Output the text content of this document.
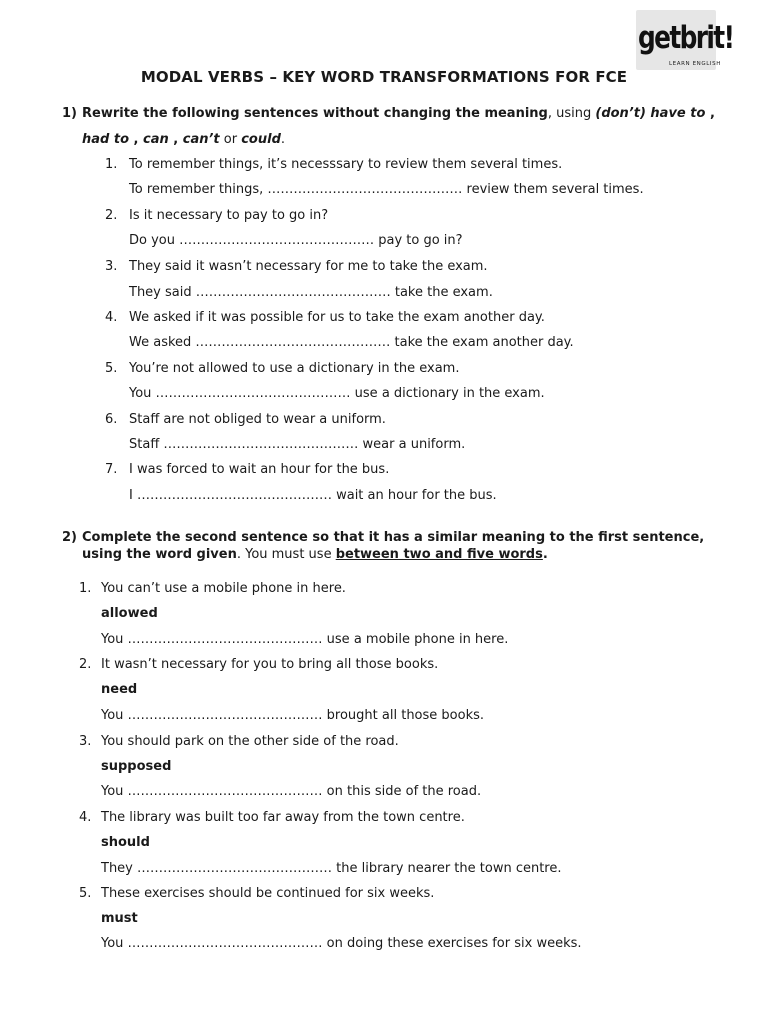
getbrit!
LEARN ENGLISH
MODAL VERBS – KEY WORD TRANSFORMATIONS FOR FCE
1) Rewrite the following sentences without changing the meaning, using (don’t) have to ,
had to , can , can’t or could.
1. To remember things, it’s necesssary to review them several times.
To remember things, ……………………………………… review them several times.
2. Is it necessary to pay to go in?
Do you ……………………………………… pay to go in?
3. They said it wasn’t necessary for me to take the exam.
They said ……………………………………… take the exam.
4. We asked if it was possible for us to take the exam another day.
We asked ……………………………………… take the exam another day.
5. You’re not allowed to use a dictionary in the exam.
You ……………………………………… use a dictionary in the exam.
6. Staff are not obliged to wear a uniform.
Staff ……………………………………… wear a uniform.
7. I was forced to wait an hour for the bus.
I ……………………………………… wait an hour for the bus.
2) Complete the second sentence so that it has a similar meaning to the first sentence,
using the word given. You must use between two and five words.
1. You can’t use a mobile phone in here.
allowed
You ……………………………………… use a mobile phone in here.
2. It wasn’t necessary for you to bring all those books.
need
You ……………………………………… brought all those books.
3. You should park on the other side of the road.
supposed
You ……………………………………… on this side of the road.
4. The library was built too far away from the town centre.
should
They ……………………………………… the library nearer the town centre.
5. These exercises should be continued for six weeks.
must
You ……………………………………… on doing these exercises for six weeks.
